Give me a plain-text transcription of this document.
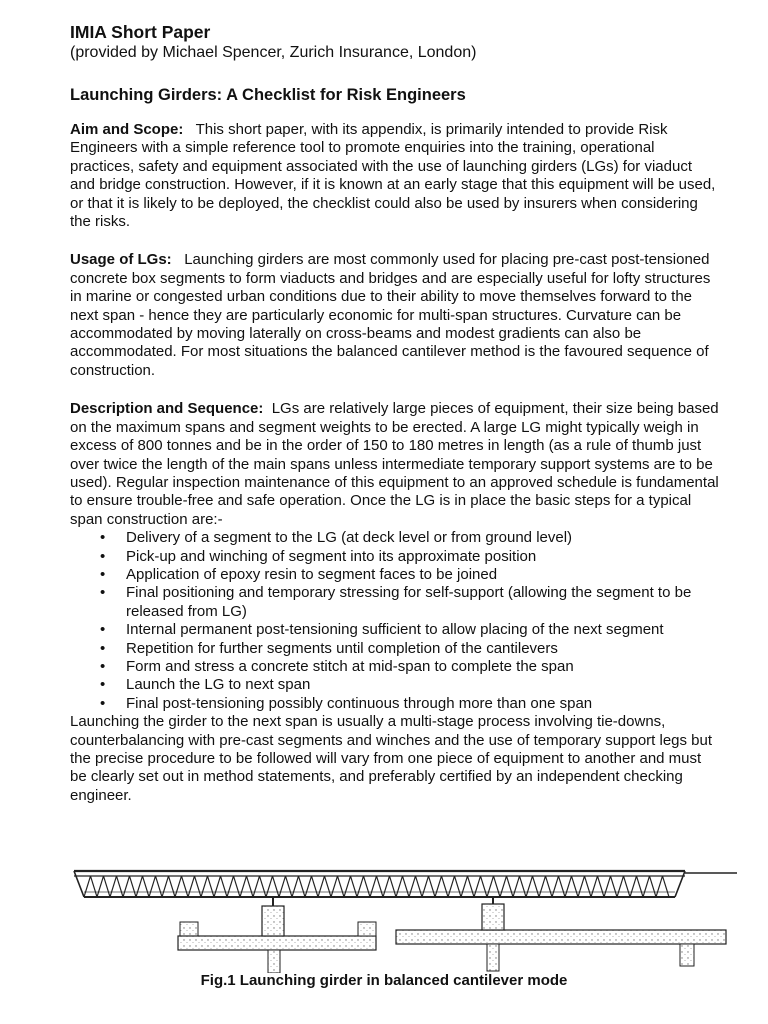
IMIA Short Paper
(provided by Michael Spencer, Zurich Insurance, London)
Launching Girders: A Checklist for Risk Engineers

Aim and Scope: This short paper, with its appendix, is primarily intended to provide Risk Engineers with a simple reference tool to promote enquiries into the training, operational practices, safety and equipment associated with the use of launching girders (LGs) for viaduct and bridge construction. However, if it is known at an early stage that this equipment will be used, or that it is likely to be deployed, the checklist could also be used by insurers when considering the risks.

Usage of LGs: Launching girders are most commonly used for placing pre-cast post-tensioned concrete box segments to form viaducts and bridges and are especially useful for lofty structures in marine or congested urban conditions due to their ability to move themselves forward to the next span - hence they are particularly economic for multi-span structures. Curvature can be accommodated by moving laterally on cross-beams and modest gradients can also be accommodated. For most situations the balanced cantilever method is the favoured sequence of construction.

Description and Sequence: LGs are relatively large pieces of equipment, their size being based on the maximum spans and segment weights to be erected. A large LG might typically weigh in excess of 800 tonnes and be in the order of 150 to 180 metres in length (as a rule of thumb just over twice the length of the main spans unless intermediate temporary support systems are to be used). Regular inspection maintenance of this equipment to an approved schedule is fundamental to ensure trouble-free and safe operation. Once the LG is in place the basic steps for a typical span construction are:-

• Delivery of a segment to the LG (at deck level or from ground level)
• Pick-up and winching of segment into its approximate position
• Application of epoxy resin to segment faces to be joined
• Final positioning and temporary stressing for self-support (allowing the segment to be released from LG)
• Internal permanent post-tensioning sufficient to allow placing of the next segment
• Repetition for further segments until completion of the cantilevers
• Form and stress a concrete stitch at mid-span to complete the span
• Launch the LG to next span
• Final post-tensioning possibly continuous through more than one span

Launching the girder to the next span is usually a multi-stage process involving tie-downs, counterbalancing with pre-cast segments and winches and the use of temporary support legs but the precise procedure to be followed will vary from one piece of equipment to another and must be clearly set out in method statements, and preferably certified by an independent checking engineer.

Fig.1 Launching girder in balanced cantilever mode
